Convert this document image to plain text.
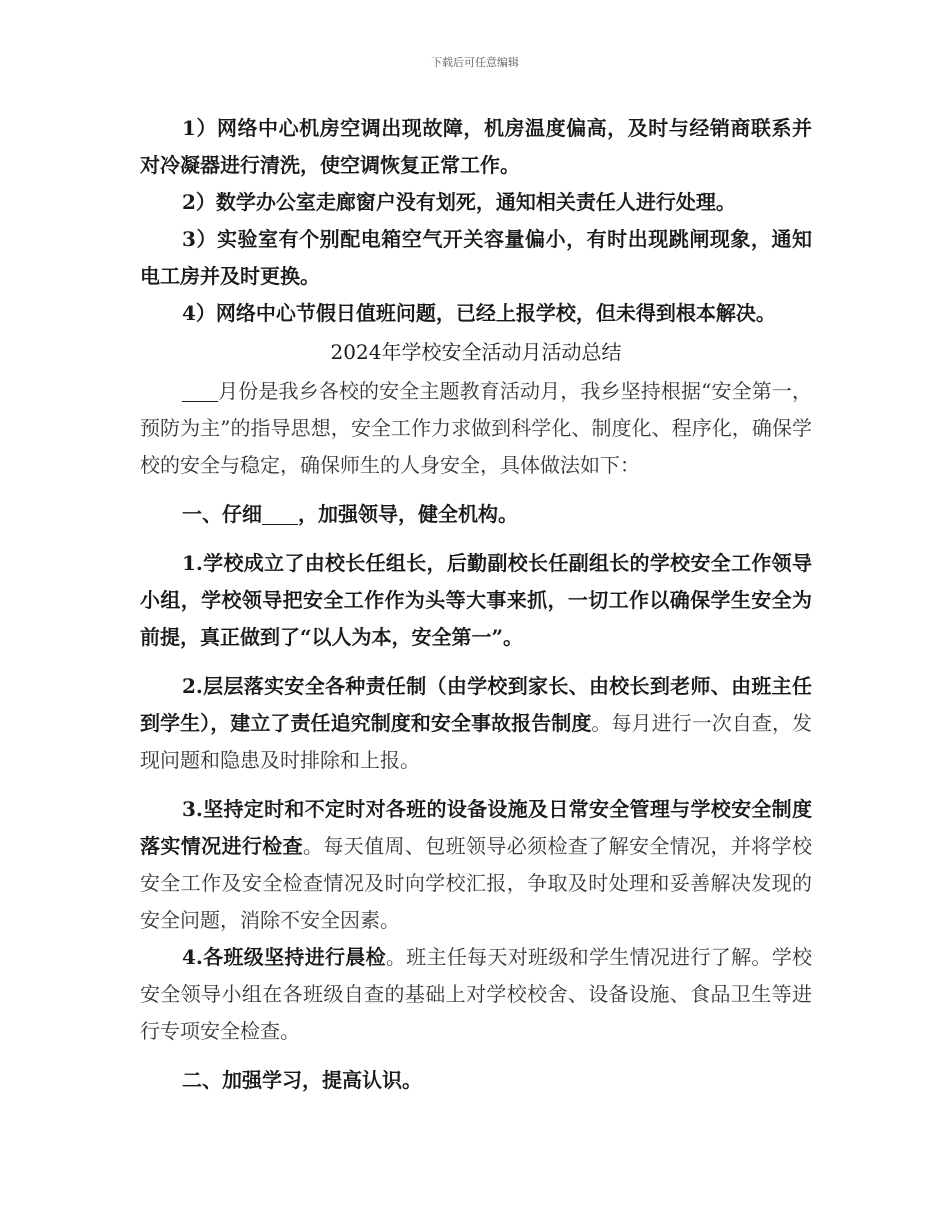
下载后可任意编辑

1）网络中心机房空调出现故障，机房温度偏高，及时与经销商联系并对冷凝器进行清洗，使空调恢复正常工作。

2）数学办公室走廊窗户没有划死，通知相关责任人进行处理。

3）实验室有个别配电箱空气开关容量偏小，有时出现跳闸现象，通知电工房并及时更换。

4）网络中心节假日值班问题，已经上报学校，但未得到根本解决。

2024年学校安全活动月活动总结

月份是我乡各校的安全主题教育活动月，我乡坚持根据“安全第一，预防为主”的指导思想，安全工作力求做到科学化、制度化、程序化，确保学校的安全与稳定，确保师生的人身安全，具体做法如下：

一、仔细 ，加强领导，健全机构。

1.学校成立了由校长任组长，后勤副校长任副组长的学校安全工作领导小组，学校领导把安全工作作为头等大事来抓，一切工作以确保学生安全为前提，真正做到了“以人为本，安全第一”。

2.层层落实安全各种责任制（由学校到家长、由校长到老师、由班主任到学生），建立了责任追究制度和安全事故报告制度。每月进行一次自查，发现问题和隐患及时排除和上报。

3.坚持定时和不定时对各班的设备设施及日常安全管理与学校安全制度落实情况进行检查。每天值周、包班领导必须检查了解安全情况，并将学校安全工作及安全检查情况及时向学校汇报，争取及时处理和妥善解决发现的安全问题，消除不安全因素。

4.各班级坚持进行晨检。班主任每天对班级和学生情况进行了解。学校安全领导小组在各班级自查的基础上对学校校舍、设备设施、食品卫生等进行专项安全检查。

二、加强学习，提高认识。
